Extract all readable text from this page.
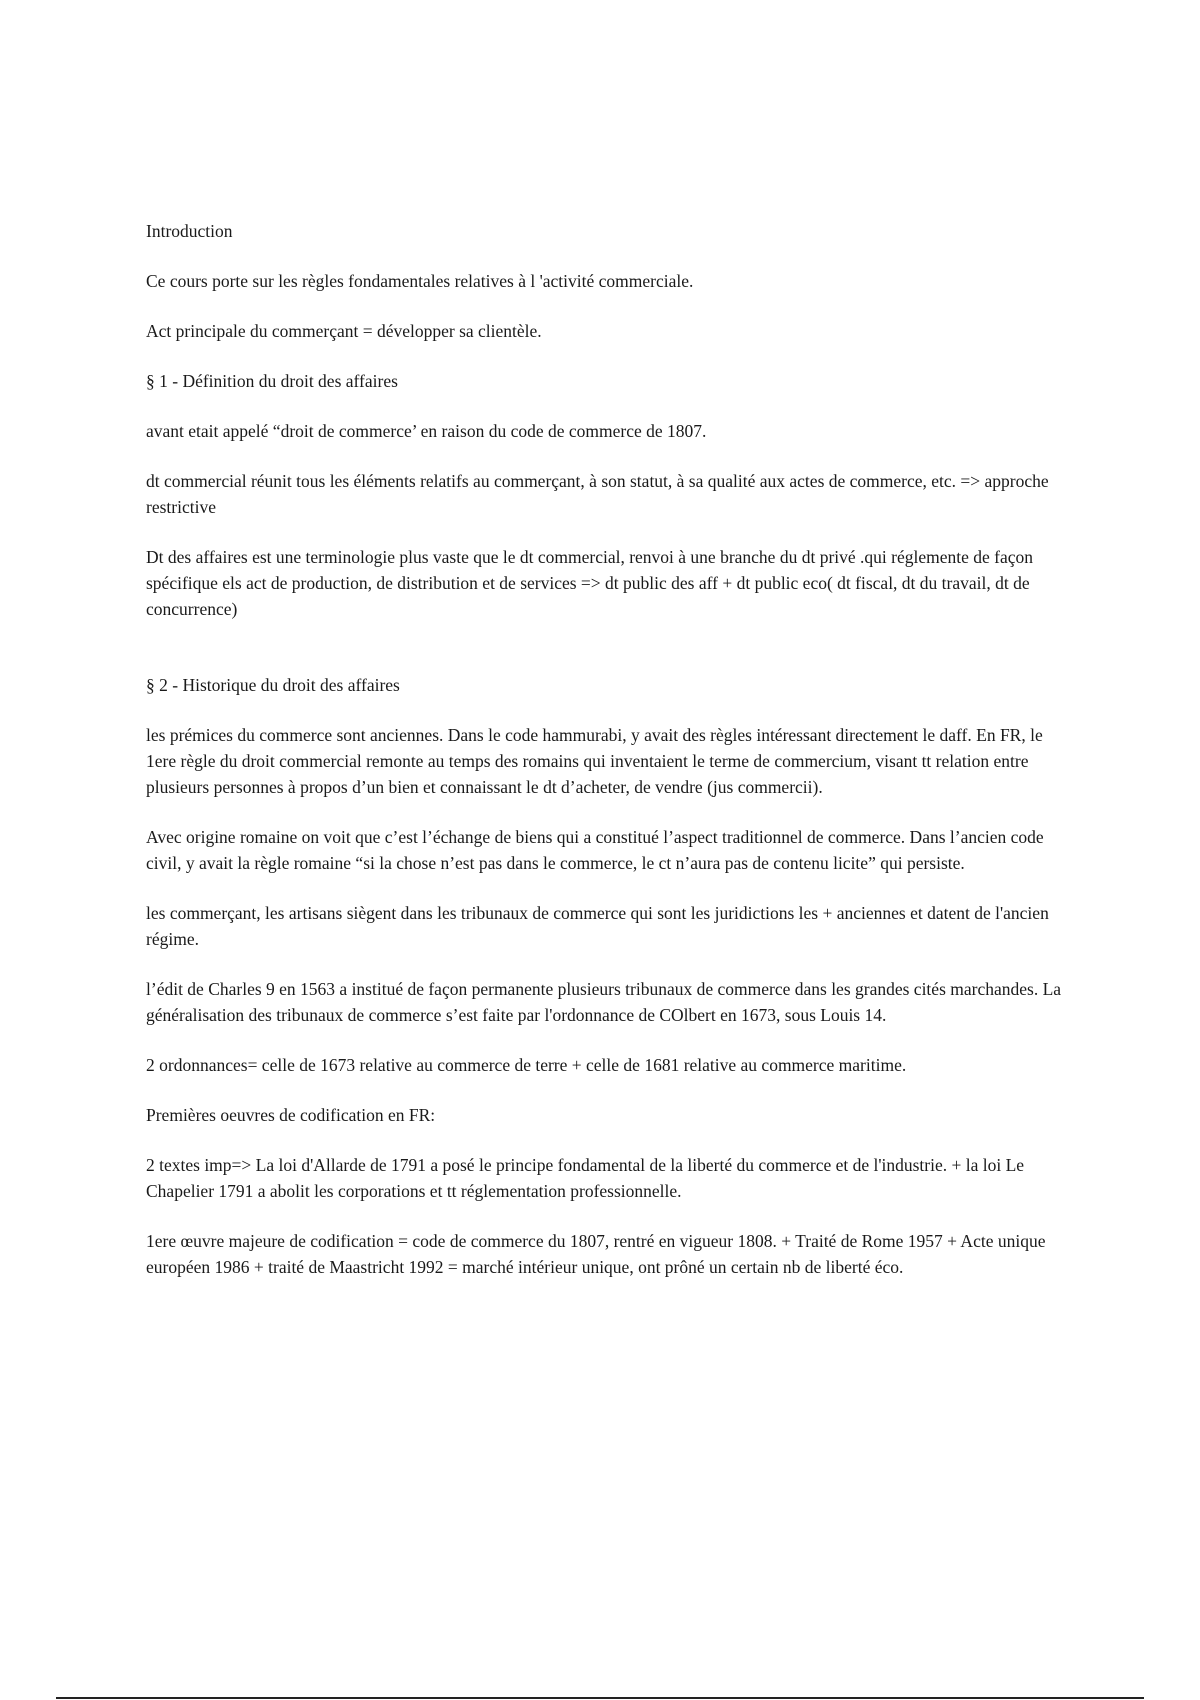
Introduction

Ce cours porte sur les règles fondamentales relatives à l 'activité commerciale.

Act principale du commerçant = développer sa clientèle.

§ 1 - Définition du droit des affaires

avant etait appelé “droit de commerce’ en raison du code de commerce de 1807.

dt commercial réunit tous les éléments relatifs au commerçant, à son statut, à sa qualité aux actes de commerce, etc. => approche restrictive

Dt des affaires est une terminologie plus vaste que le dt commercial, renvoi à une branche du dt privé .qui réglemente de façon spécifique els act de production, de distribution et de services => dt public des aff + dt public eco( dt fiscal, dt du travail, dt de concurrence)

§ 2 - Historique du droit des affaires

les prémices du commerce sont anciennes. Dans le code hammurabi, y avait des règles intéressant directement le daff. En FR, le 1ere règle du droit commercial remonte au temps des romains qui inventaient le terme de commercium, visant tt relation entre plusieurs personnes à propos d’un bien et connaissant le dt d’acheter, de vendre (jus commercii).

Avec origine romaine on voit que c’est l’échange de biens qui a constitué l’aspect traditionnel de commerce. Dans l’ancien code civil, y avait la règle romaine “si la chose n’est pas dans le commerce, le ct n’aura pas de contenu licite” qui persiste.

les commerçant, les artisans siègent dans les tribunaux de commerce qui sont les juridictions les + anciennes et datent de l'ancien régime.

l’édit de Charles 9 en 1563 a institué de façon permanente plusieurs tribunaux de commerce dans les grandes cités marchandes. La généralisation des tribunaux de commerce s’est faite par l'ordonnance de COlbert en 1673, sous Louis 14.

2 ordonnances= celle de 1673 relative au commerce de terre + celle de 1681 relative au commerce maritime.

Premières oeuvres de codification en FR:

2 textes imp=> La loi d'Allarde de 1791 a posé le principe fondamental de la liberté du commerce et de l'industrie. + la loi Le Chapelier 1791 a abolit les corporations et tt réglementation professionnelle.

1ere œuvre majeure de codification = code de commerce du 1807, rentré en vigueur 1808. + Traité de Rome 1957 + Acte unique européen 1986 + traité de Maastricht 1992 = marché intérieur unique, ont prôné un certain nb de liberté éco.
